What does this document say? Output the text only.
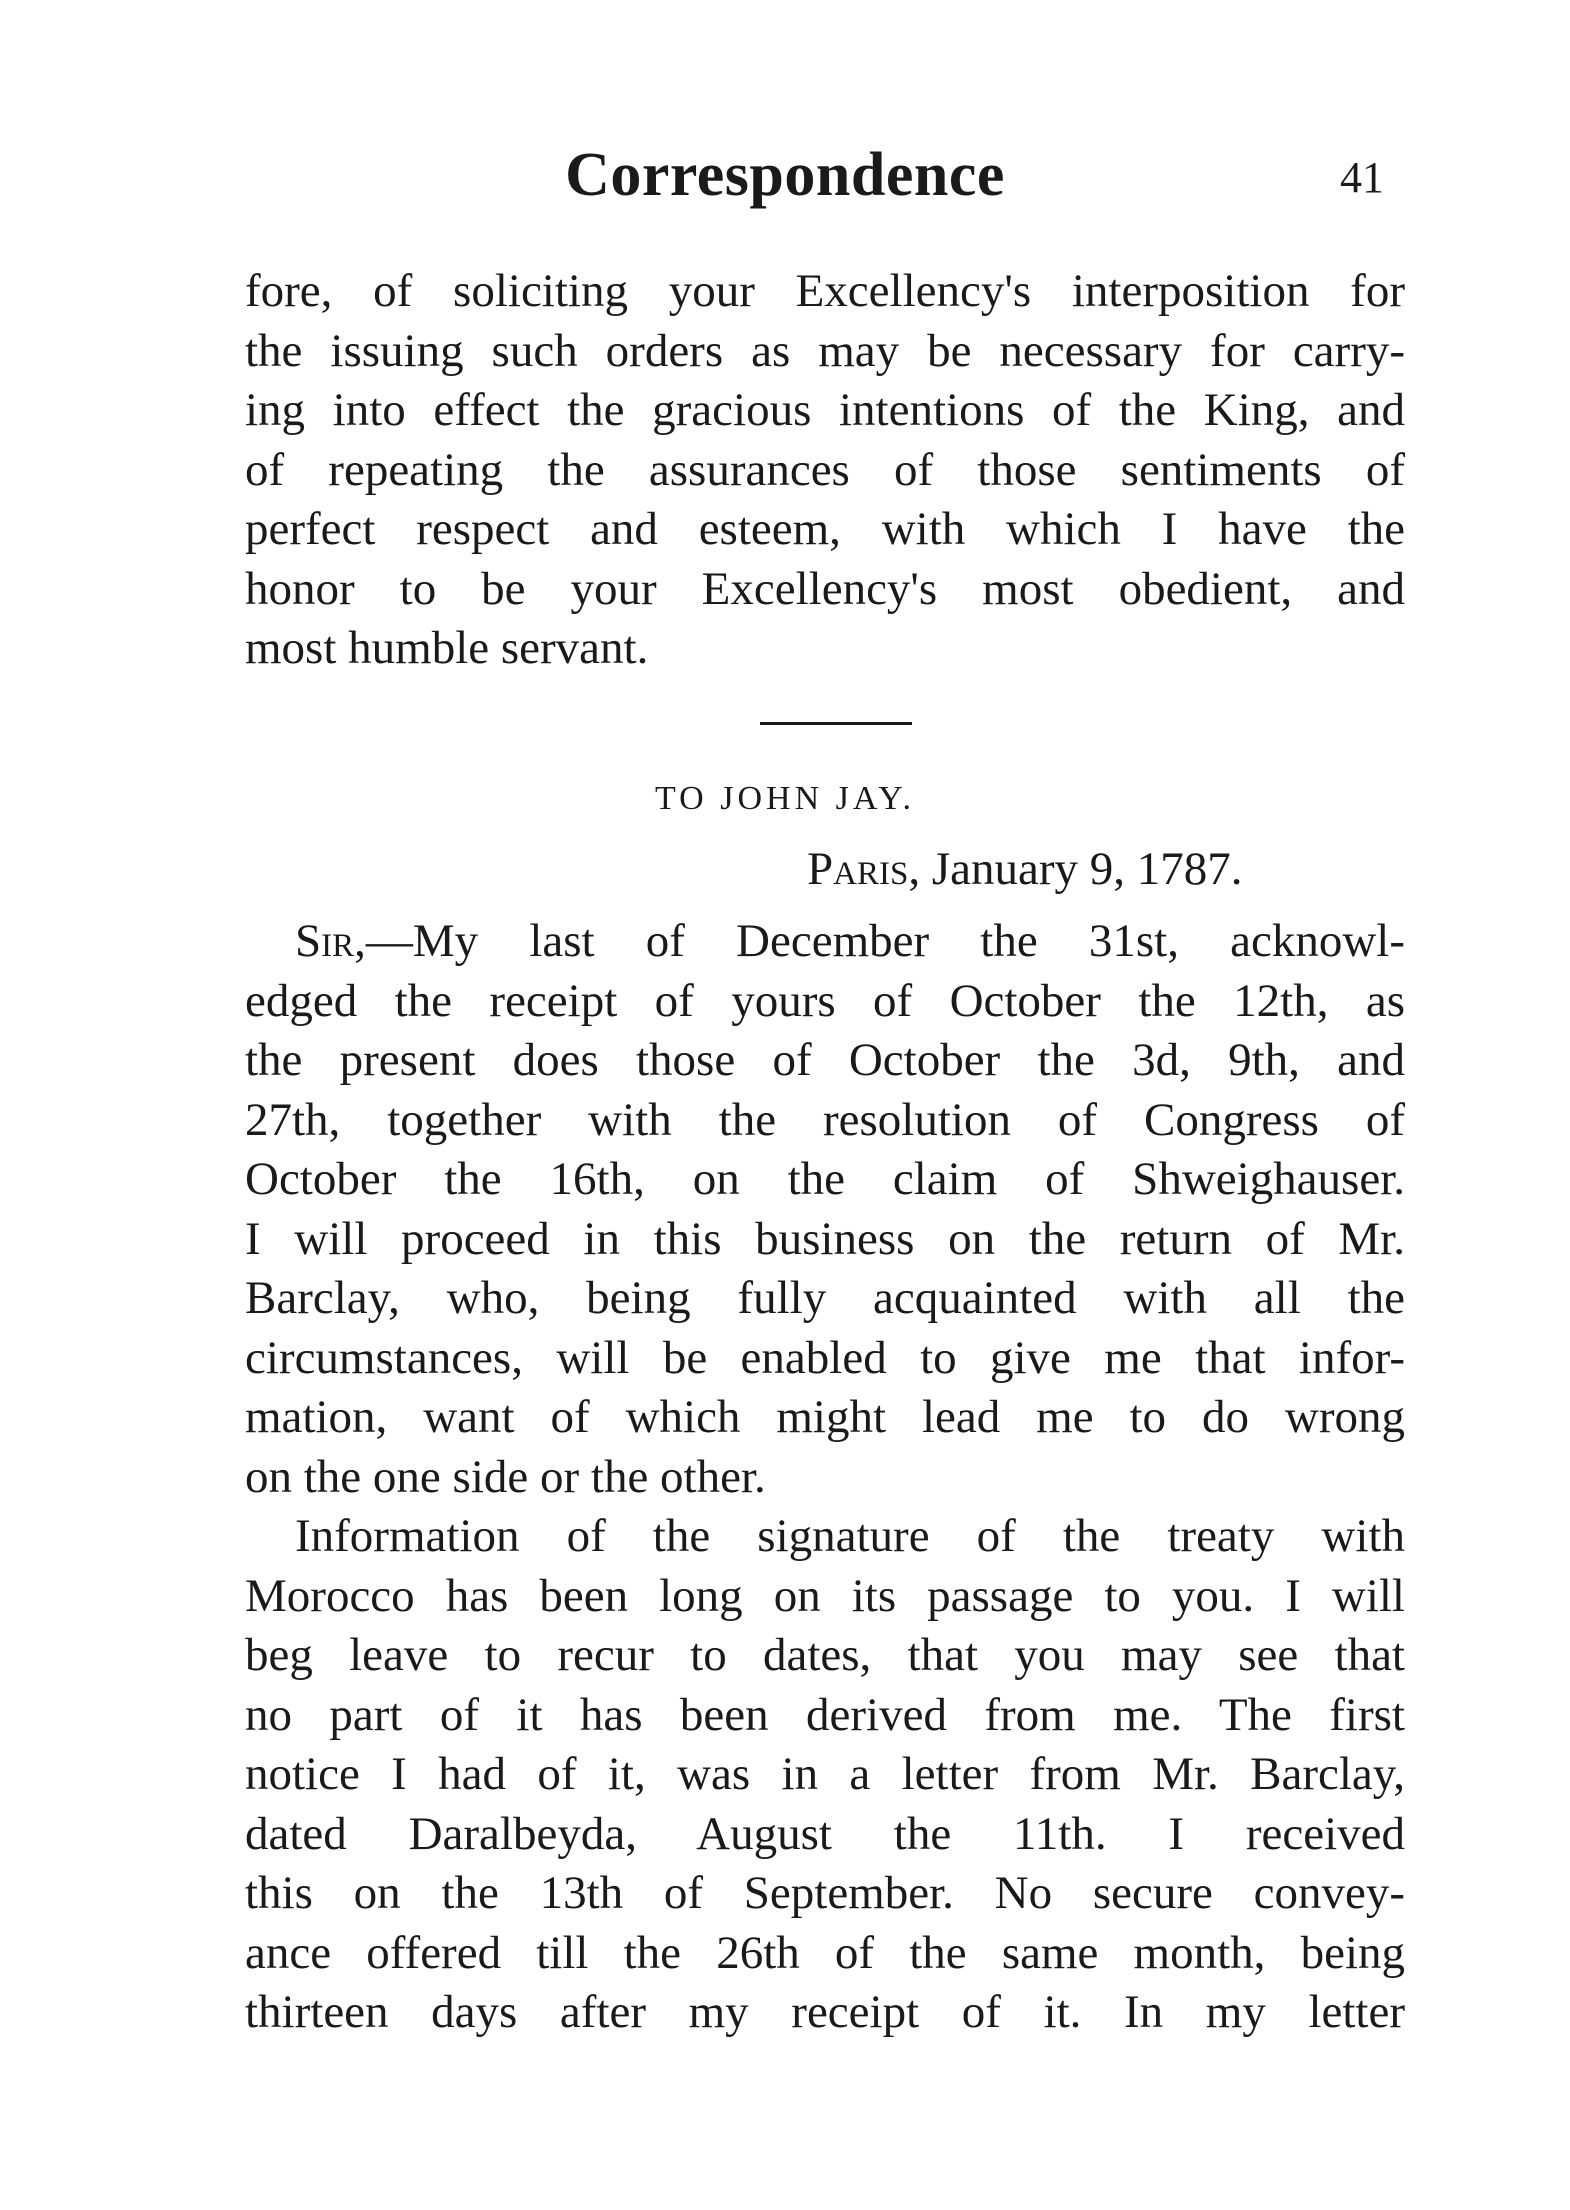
Correspondence	41
fore, of soliciting your Excellency's interposition for
the issuing such orders as may be necessary for carry-
ing into effect the gracious intentions of the King, and
of repeating the assurances of those sentiments of
perfect respect and esteem, with which I have the
honor to be your Excellency's most obedient, and
most humble servant.
TO JOHN JAY.
Paris, January 9, 1787.
Sir,—My last of December the 31st, acknowl-
edged the receipt of yours of October the 12th, as
the present does those of October the 3d, 9th, and
27th, together with the resolution of Congress of
October the 16th, on the claim of Shweighauser.
I will proceed in this business on the return of Mr.
Barclay, who, being fully acquainted with all the
circumstances, will be enabled to give me that infor-
mation, want of which might lead me to do wrong
on the one side or the other.
Information of the signature of the treaty with
Morocco has been long on its passage to you. I will
beg leave to recur to dates, that you may see that
no part of it has been derived from me. The first
notice I had of it, was in a letter from Mr. Barclay,
dated Daralbeyda, August the 11th. I received
this on the 13th of September. No secure convey-
ance offered till the 26th of the same month, being
thirteen days after my receipt of it. In my letter
